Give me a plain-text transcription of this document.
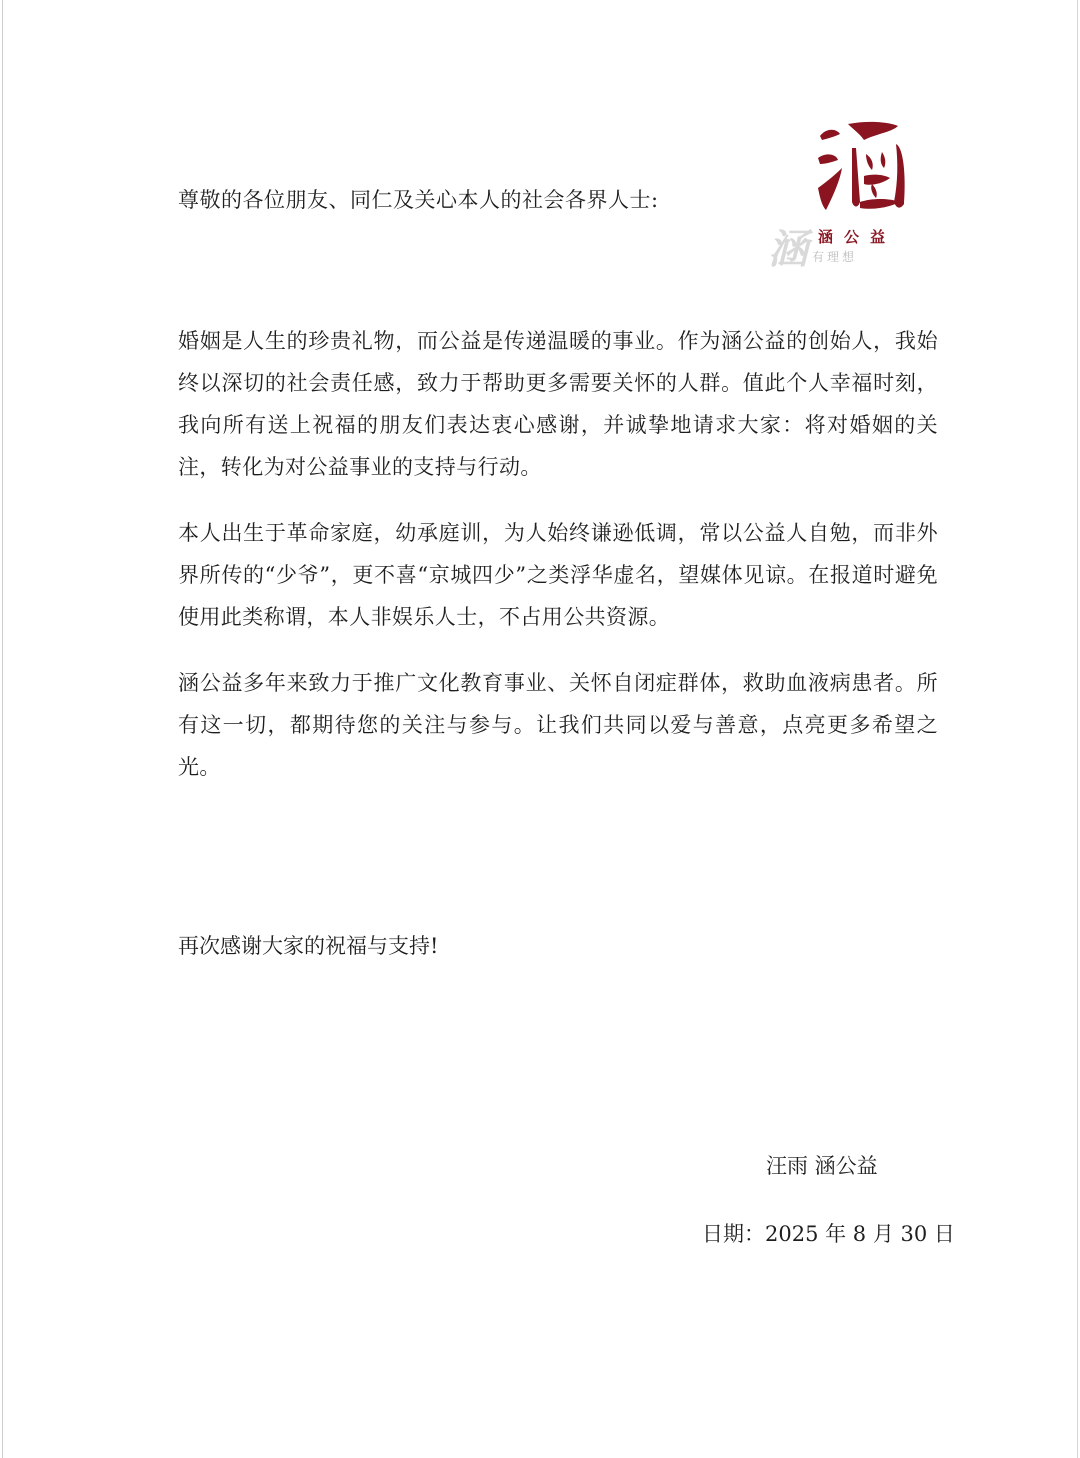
尊敬的各位朋友、同仁及关心本人的社会各界人士:
涵 涵公益
有理想

婚姻是人生的珍贵礼物，而公益是传递温暖的事业。作为涵公益的创始人，我始终以深切的社会责任感，致力于帮助更多需要关怀的人群。值此个人幸福时刻，我向所有送上祝福的朋友们表达衷心感谢，并诚挚地请求大家：将对婚姻的关注，转化为对公益事业的支持与行动。

本人出生于革命家庭，幼承庭训，为人始终谦逊低调，常以公益人自勉，而非外界所传的“少爷”，更不喜“京城四少”之类浮华虚名，望媒体见谅。在报道时避免使用此类称谓，本人非娱乐人士，不占用公共资源。

涵公益多年来致力于推广文化教育事业、关怀自闭症群体，救助血液病患者。所有这一切，都期待您的关注与参与。让我们共同以爱与善意，点亮更多希望之光。

再次感谢大家的祝福与支持!
汪雨 涵公益
日期：2025 年 8 月 30 日
